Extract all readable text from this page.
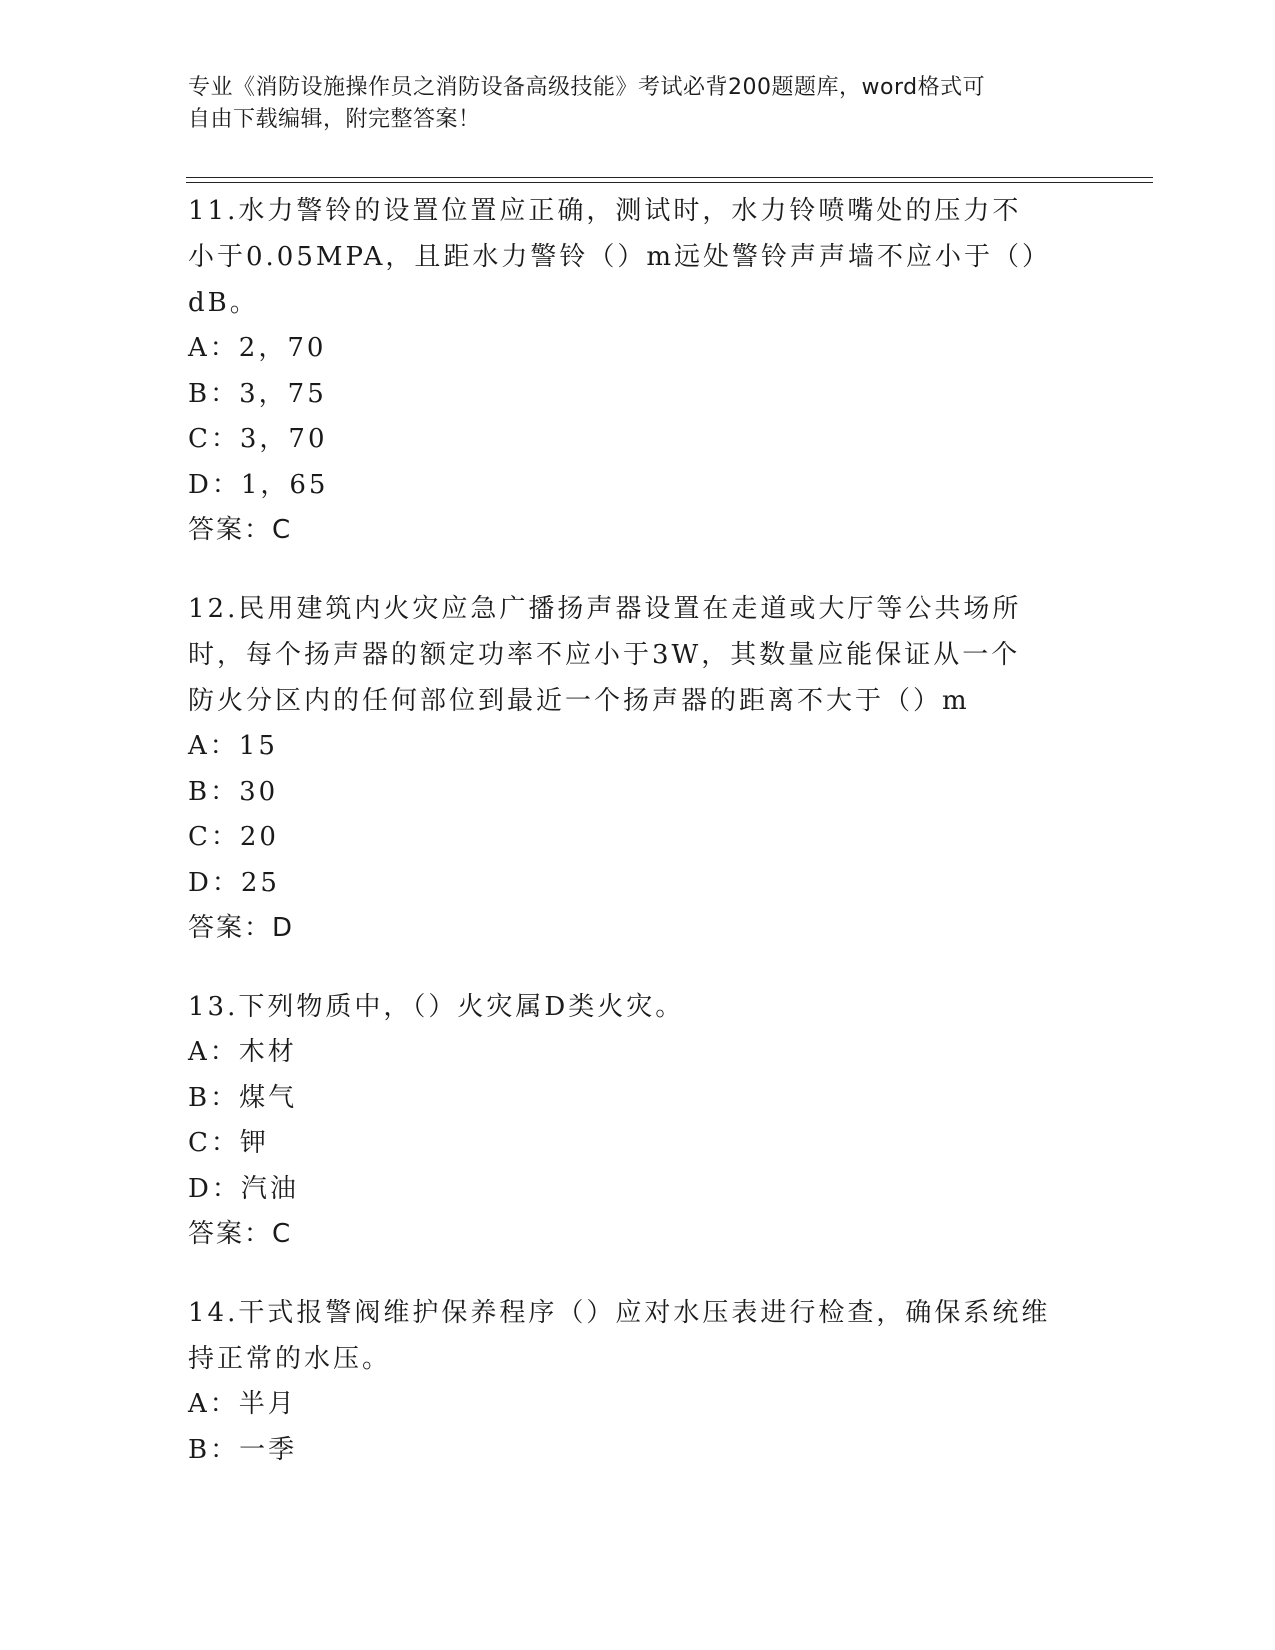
专业《消防设施操作员之消防设备高级技能》考试必背200题题库，word格式可

自由下载编辑，附完整答案！

11.水力警铃的设置位置应正确，测试时，水力铃喷嘴处的压力不小于0.05MPA，且距水力警铃（）m远处警铃声声墙不应小于（）dB。

A：2，70

B：3，75

C：3，70

D：1，65

答案：C

12.民用建筑内火灾应急广播扬声器设置在走道或大厅等公共场所时，每个扬声器的额定功率不应小于3W，其数量应能保证从一个防火分区内的任何部位到最近一个扬声器的距离不大于（）m

A：15

B：30

C：20

D：25

答案：D

13.下列物质中，（）火灾属D类火灾。

A：木材

B：煤气

C：钾

D：汽油

答案：C

14.干式报警阀维护保养程序（）应对水压表进行检查，确保系统维持正常的水压。

A：半月

B：一季
